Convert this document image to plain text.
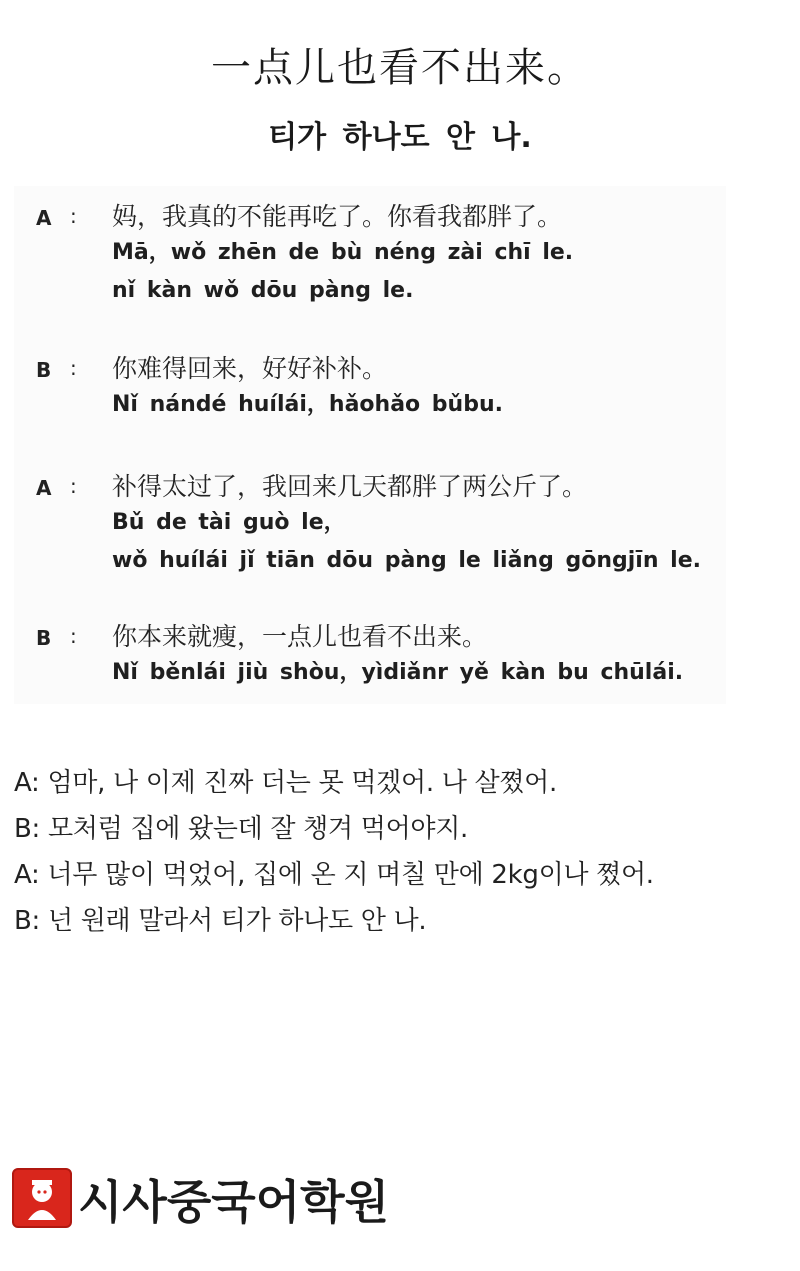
一点儿也看不出来。
티가 하나도 안 나.
A : 妈，我真的不能再吃了。你看我都胖了。
Mā，wǒ zhēn de bù néng zài chī le.
nǐ kàn wǒ dōu pàng le.
B : 你难得回来，好好补补。
Nǐ nándé huílái，hǎohǎo bǔbu.
A : 补得太过了，我回来几天都胖了两公斤了。
Bǔ de tài guò le，
wǒ huílái jǐ tiān dōu pàng le liǎng gōngjīn le.
B : 你本来就瘦，一点儿也看不出来。
Nǐ běnlái jiù shòu，yìdiǎnr yě kàn bu chūlái.
A: 엄마, 나 이제 진짜 더는 못 먹겠어. 나 살쪘어.
B: 모처럼 집에 왔는데 잘 챙겨 먹어야지.
A: 너무 많이 먹었어, 집에 온 지 며칠 만에 2kg이나 쪘어.
B: 넌 원래 말라서 티가 하나도 안 나.
시사중국어학원
